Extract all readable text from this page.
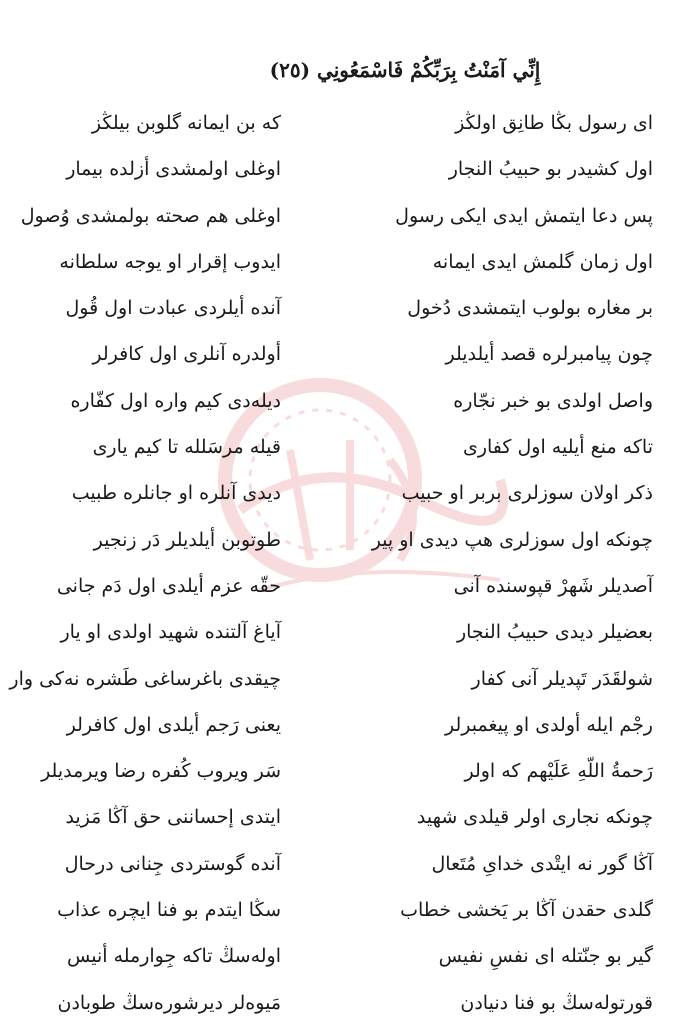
إِنِّي آمَنْتُ بِرَبِّكُمْ فَاسْمَعُونِي (٢٥)
ای رسول بڭا طانِق اولڭز
كه بن ايمانه گلوبن بيلڭز
اول كشيدر بو حبيبُ النجار
اوغلی اولمشدی أزلده بيمار
پس دعا ايتمش ايدی ايكی رسول
اوغلی هم صحته بولمشدی وُصول
اول زمان گلمش ايدی ايمانه
ايدوب إقرار او يوجه سلطانه
بر مغاره بولوب ايتمشدی دُخول
آنده أيلردی عبادت اول قُول
چون پيامبرلره قصد أيلديلر
أولدره آنلری اول كافرلر
واصل اولدی بو خبر نجّاره
ديلەدی كيم واره اول كفّاره
تاكه منع أيليه اول كفاری
قيله مرسَلله تا كيم ياری
ذكر اولان سوزلری بربر او حبيب
ديدی آنلره او جانلره طبيب
چونكه اول سوزلری هپ ديدی او پير
طوتوبن أيلديلر دَر زنجير
آصديلر شَهرْ قپوسنده آنی
حقّه عزم أيلدی اول دَم جانی
بعضيلر ديدی حبيبُ النجار
آياغ آلتنده شهيد اولدی او يار
شولقَدَر تَپديلر آنی كفار
چيقدی باغرساغی طَشره نەكی وار
رجْم ايله أولدی او پيغمبرلر
يعنی رَجم أيلدی اول كافرلر
رَحمةُ اللّهِ عَلَيْهم كه اولر
سَر ويروب كُفره رضا ويرمديلر
چونكه نجاری اولر قيلدی شهيد
ايتدی إحساننی حق آڭا مَزيد
آڭا گور نه ايتْدی خدایِ مُتَعال
آنده گوستردی جِنانی درحال
گلدی حقدن آڭا بر يَخشی خطاب
سڭا ايتدم بو فنا ايچره عذاب
گير بو جنّتله ای نفسِ نفيس
اولەسڭ تاكه جِوارمله أنيس
قورتولەسڭ بو فنا دنيادن
مَيوەلر ديرشورەسڭ طوبادن
